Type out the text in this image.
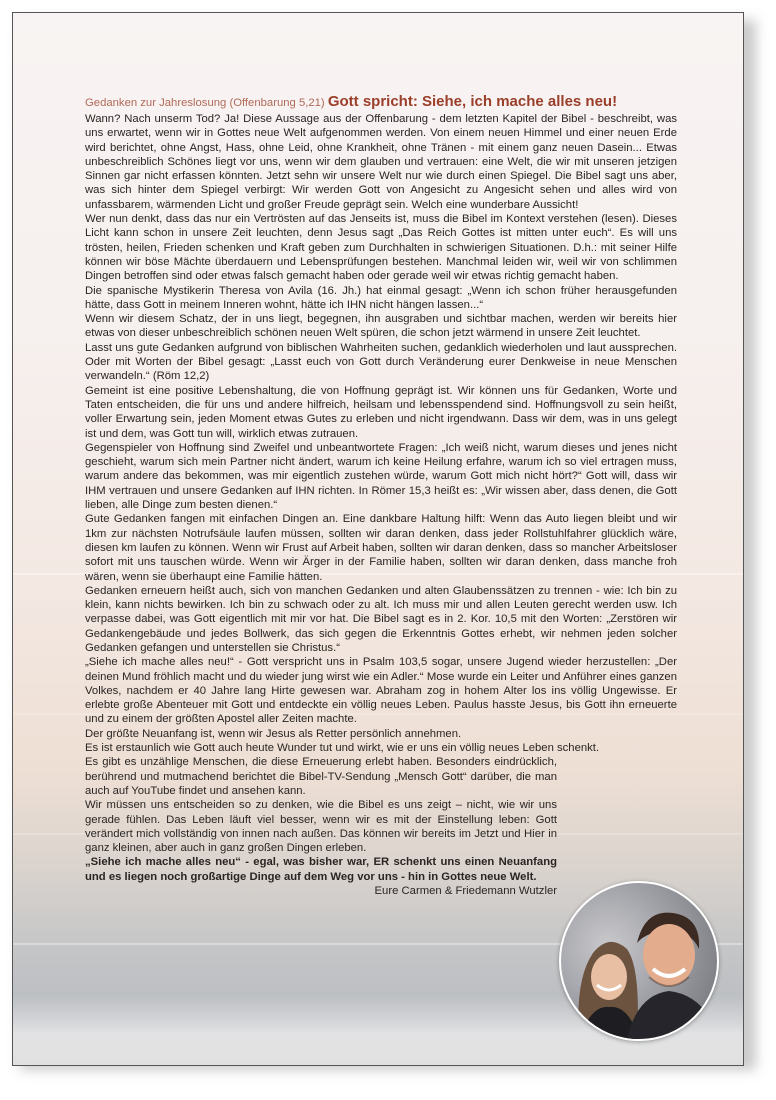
Gedanken zur Jahreslosung (Offenbarung 5,21) Gott spricht: Siehe, ich mache alles neu!

Wann? Nach unserm Tod? Ja! Diese Aussage aus der Offenbarung - dem letzten Kapitel der Bibel - beschreibt, was uns erwartet, wenn wir in Gottes neue Welt aufgenommen werden. Von einem neuen Himmel und einer neuen Erde wird berichtet, ohne Angst, Hass, ohne Leid, ohne Krankheit, ohne Tränen - mit einem ganz neuen Dasein... Etwas unbeschreiblich Schönes liegt vor uns, wenn wir dem glauben und vertrauen: eine Welt, die wir mit unseren jetzigen Sinnen gar nicht erfassen könnten. Jetzt sehn wir unsere Welt nur wie durch einen Spiegel. Die Bibel sagt uns aber, was sich hinter dem Spiegel verbirgt: Wir werden Gott von Angesicht zu Angesicht sehen und alles wird von unfassbarem, wärmenden Licht und großer Freude geprägt sein. Welch eine wunderbare Aussicht!

Wer nun denkt, dass das nur ein Vertrösten auf das Jenseits ist, muss die Bibel im Kontext verstehen (lesen). Dieses Licht kann schon in unsere Zeit leuchten, denn Jesus sagt „Das Reich Gottes ist mitten unter euch“. Es will uns trösten, heilen, Frieden schenken und Kraft geben zum Durchhalten in schwierigen Situationen. D.h.: mit seiner Hilfe können wir böse Mächte überdauern und Lebensprüfungen bestehen. Manchmal leiden wir, weil wir von schlimmen Dingen betroffen sind oder etwas falsch gemacht haben oder gerade weil wir etwas richtig gemacht haben.

Die spanische Mystikerin Theresa von Avila (16. Jh.) hat einmal gesagt: „Wenn ich schon früher herausgefunden hätte, dass Gott in meinem Inneren wohnt, hätte ich IHN nicht hängen lassen...“

Wenn wir diesem Schatz, der in uns liegt, begegnen, ihn ausgraben und sichtbar machen, werden wir bereits hier etwas von dieser unbeschreiblich schönen neuen Welt spüren, die schon jetzt wärmend in unsere Zeit leuchtet.

Lasst uns gute Gedanken aufgrund von biblischen Wahrheiten suchen, gedanklich wiederholen und laut aussprechen. Oder mit Worten der Bibel gesagt: „Lasst euch von Gott durch Veränderung eurer Denkweise in neue Menschen verwandeln.“ (Röm 12,2)

Gemeint ist eine positive Lebenshaltung, die von Hoffnung geprägt ist. Wir können uns für Gedanken, Worte und Taten entscheiden, die für uns und andere hilfreich, heilsam und lebensspendend sind. Hoffnungsvoll zu sein heißt, voller Erwartung sein, jeden Moment etwas Gutes zu erleben und nicht irgendwann. Dass wir dem, was in uns gelegt ist und dem, was Gott tun will, wirklich etwas zutrauen.

Gegenspieler von Hoffnung sind Zweifel und unbeantwortete Fragen: „Ich weiß nicht, warum dieses und jenes nicht geschieht, warum sich mein Partner nicht ändert, warum ich keine Heilung erfahre, warum ich so viel ertragen muss, warum andere das bekommen, was mir eigentlich zustehen würde, warum Gott mich nicht hört?“ Gott will, dass wir IHM vertrauen und unsere Gedanken auf IHN richten. In Römer 15,3 heißt es: „Wir wissen aber, dass denen, die Gott lieben, alle Dinge zum besten dienen.“

Gute Gedanken fangen mit einfachen Dingen an. Eine dankbare Haltung hilft: Wenn das Auto liegen bleibt und wir 1km zur nächsten Notrufsäule laufen müssen, sollten wir daran denken, dass jeder Rollstuhlfahrer glücklich wäre, diesen km laufen zu können. Wenn wir Frust auf Arbeit haben, sollten wir daran denken, dass so mancher Arbeitsloser sofort mit uns tauschen würde. Wenn wir Ärger in der Familie haben, sollten wir daran denken, dass manche froh wären, wenn sie überhaupt eine Familie hätten.

Gedanken erneuern heißt auch, sich von manchen Gedanken und alten Glaubenssätzen zu trennen - wie: Ich bin zu klein, kann nichts bewirken. Ich bin zu schwach oder zu alt. Ich muss mir und allen Leuten gerecht werden usw. Ich verpasse dabei, was Gott eigentlich mit mir vor hat. Die Bibel sagt es in 2. Kor. 10,5 mit den Worten: „Zerstören wir Gedankengebäude und jedes Bollwerk, das sich gegen die Erkenntnis Gottes erhebt, wir nehmen jeden solcher Gedanken gefangen und unterstellen sie Christus.“

„Siehe ich mache alles neu!“ - Gott verspricht uns in Psalm 103,5 sogar, unsere Jugend wieder herzustellen: „Der deinen Mund fröhlich macht und du wieder jung wirst wie ein Adler.“ Mose wurde ein Leiter und Anführer eines ganzen Volkes, nachdem er 40 Jahre lang Hirte gewesen war. Abraham zog in hohem Alter los ins völlig Ungewisse. Er erlebte große Abenteuer mit Gott und entdeckte ein völlig neues Leben. Paulus hasste Jesus, bis Gott ihn erneuerte und zu einem der größten Apostel aller Zeiten machte.

Der größte Neuanfang ist, wenn wir Jesus als Retter persönlich annehmen.

Es ist erstaunlich wie Gott auch heute Wunder tut und wirkt, wie er uns ein völlig neues Leben schenkt.

Es gibt es unzählige Menschen, die diese Erneuerung erlebt haben. Besonders eindrücklich, berührend und mutmachend berichtet die Bibel-TV-Sendung „Mensch Gott“ darüber, die man auch auf YouTube findet und ansehen kann.

Wir müssen uns entscheiden so zu denken, wie die Bibel es uns zeigt – nicht, wie wir uns gerade fühlen. Das Leben läuft viel besser, wenn wir es mit der Einstellung leben: Gott verändert mich vollständig von innen nach außen. Das können wir bereits im Jetzt und Hier in ganz kleinen, aber auch in ganz großen Dingen erleben.

„Siehe ich mache alles neu“ - egal, was bisher war, ER schenkt uns einen Neuanfang und es liegen noch großartige Dinge auf dem Weg vor uns - hin in Gottes neue Welt.
Eure Carmen & Friedemann Wutzler
